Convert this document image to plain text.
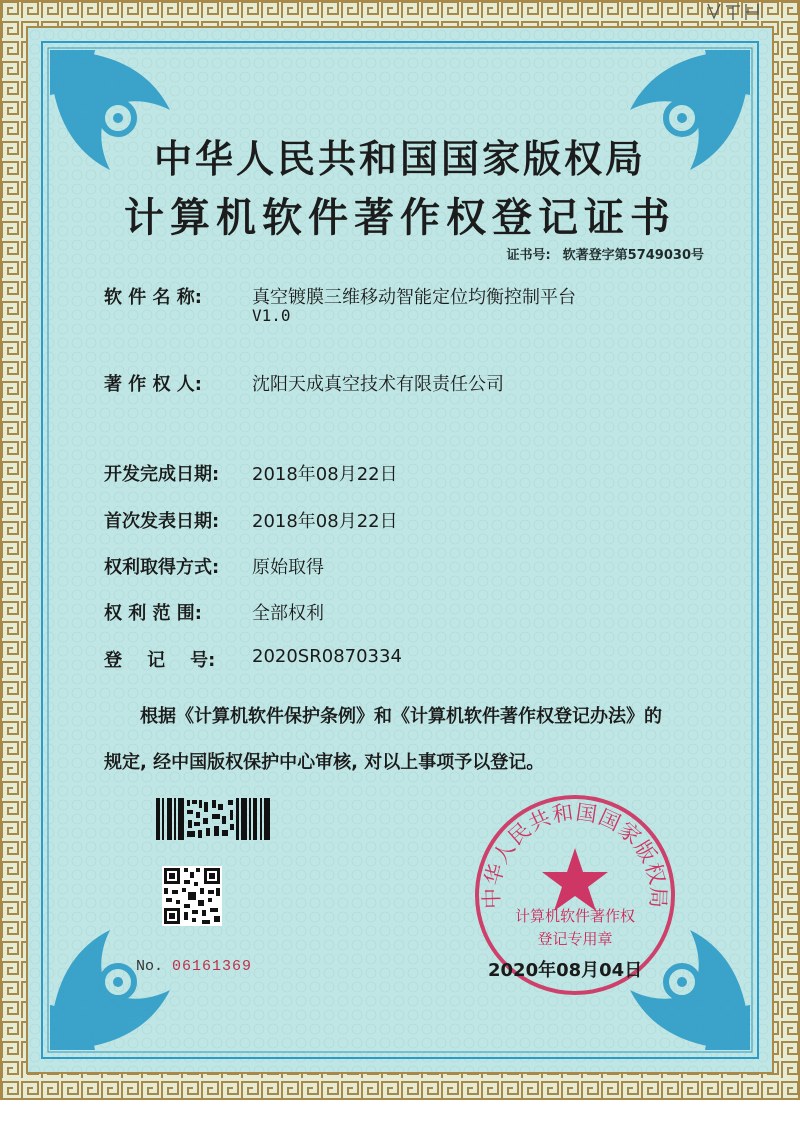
中华人民共和国国家版权局
计算机软件著作权登记证书
证书号: 软著登字第5749030号
软 件 名 称:	真空镀膜三维移动智能定位均衡控制平台
V1.0
著 作 权 人:	沈阳天成真空技术有限责任公司
开发完成日期: 2018年08月22日
首次发表日期: 2018年08月22日
权利取得方式: 原始取得
权 利 范 围:	全部权利
登    记    号: 2020SR0870334
根据《计算机软件保护条例》和《计算机软件著作权登记办法》的
规定, 经中国版权保护中心审核, 对以上事项予以登记。
No. 06161369
中华人民共和国国家版权局
计算机软件著作权
登记专用章
2020年08月04日
